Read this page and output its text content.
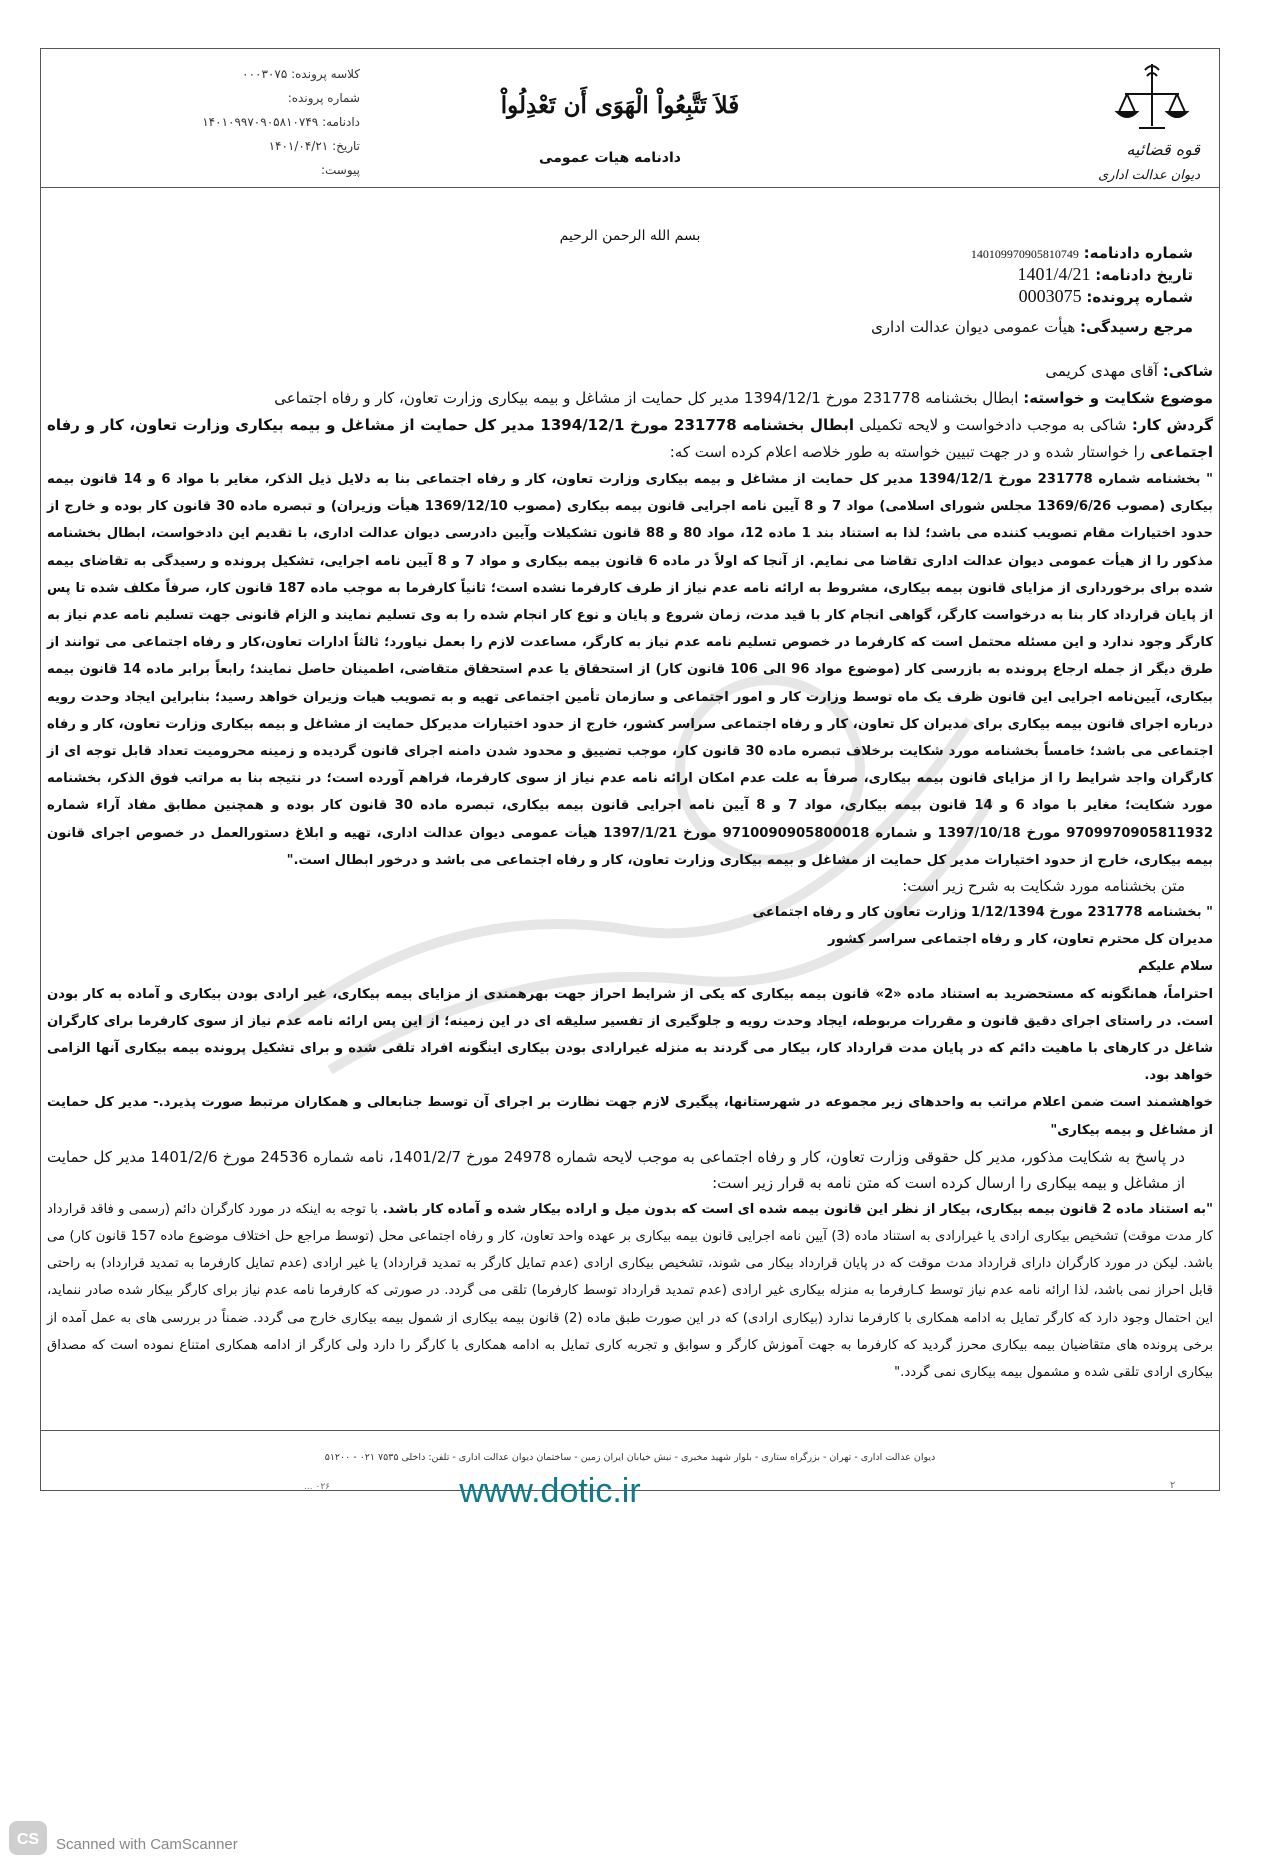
کلاسه پرونده: ۰۰۰۳۰۷۵
شماره پرونده:
دادنامه: ۱۴۰۱۰۹۹۷۰۹۰۵۸۱۰۷۴۹
تاریخ: ۱۴۰۱/۰۴/۲۱
پیوست:
فَلاَ تَتَّبِعُواْ الْهَوَى أَن تَعْدِلُواْ
دادنامه هیات عمومی	قوه قضائیه
دیوان عدالت اداری
بسم الله الرحمن الرحیم
شماره دادنامه: 140109970905810749
تاریخ دادنامه: 1401/4/21
شماره پرونده: 0003075
مرجع رسیدگی: هیأت عمومی دیوان عدالت اداری

شاکی: آقای مهدی کریمی

موضوع شکایت و خواسته: ابطال بخشنامه 231778 مورخ 1394/12/1 مدیر کل حمایت از مشاغل و بیمه بیکاری وزارت تعاون، کار و رفاه اجتماعی

گردش کار: شاکی به موجب دادخواست و لایحه تکمیلی ابطال بخشنامه 231778 مورخ 1394/12/1 مدیر کل حمایت از مشاغل و بیمه بیکاری وزارت تعاون، کار و رفاه اجتماعی را خواستار شده و در جهت تبیین خواسته به طور خلاصه اعلام کرده است که:

" بخشنامه شماره 231778 مورخ 1394/12/1 مدیر کل حمایت از مشاغل و بیمه بیکاری وزارت تعاون، کار و رفاه اجتماعی بنا به دلایل ذیل الذکر، مغایر با مواد 6 و 14 قانون بیمه بیکاری (مصوب 1369/6/26 مجلس شورای اسلامی) مواد 7 و 8 آیین نامه اجرایی قانون بیمه بیکاری (مصوب 1369/12/10 هیأت وزیران) و تبصره ماده 30 قانون کار بوده و خارج از حدود اختیارات مقام تصویب کننده می باشد؛ لذا به استناد بند 1 ماده 12، مواد 80 و 88 قانون تشکیلات وآیین دادرسی دیوان عدالت اداری، با تقدیم این دادخواست، ابطال بخشنامه مذکور را از هیأت عمومی دیوان عدالت اداری تقاضا می نمایم. از آنجا که اولاً در ماده 6 قانون بیمه بیکاری و مواد 7 و 8 آیین نامه اجرایی، تشکیل پرونده و رسیدگی به تقاضای بیمه شده برای برخورداری از مزایای قانون بیمه بیکاری، مشروط به ارائه نامه عدم نیاز از طرف کارفرما نشده است؛ ثانیاً کارفرما به موجب ماده 187 قانون کار، صرفاً مکلف شده تا پس از پایان قرارداد کار بنا به درخواست کارگر، گواهی انجام کار با قید مدت، زمان شروع و پایان و نوع کار انجام شده را به وی تسلیم نمایند و الزام قانونی جهت تسلیم نامه عدم نیاز به کارگر وجود ندارد و این مسئله محتمل است که کارفرما در خصوص تسلیم نامه عدم نیاز به کارگر، مساعدت لازم را بعمل نیاورد؛ ثالثاً ادارات تعاون،کار و رفاه اجتماعی می توانند از طرق دیگر از جمله ارجاع پرونده به بازرسی کار (موضوع مواد 96 الی 106 قانون کار) از استحقاق یا عدم استحقاق متقاضی، اطمینان حاصل نمایند؛ رابعاً برابر ماده 14 قانون بیمه بیکاری، آیین‌نامه اجرایی این قانون ظرف یک ماه توسط وزارت کار و امور اجتماعی و سازمان تأمین اجتماعی تهیه و به تصویب هیات وزیران خواهد رسید؛ بنابراین ایجاد وحدت رویه درباره اجرای قانون بیمه بیکاری برای مدیران کل تعاون، کار و رفاه اجتماعی سراسر کشور، خارج از حدود اختیارات مدیرکل حمایت از مشاغل و بیمه بیکاری وزارت تعاون، کار و رفاه اجتماعی می باشد؛ خامساً بخشنامه مورد شکایت برخلاف تبصره ماده 30 قانون کار، موجب تضییق و محدود شدن دامنه اجرای قانون گردیده و زمینه محرومیت تعداد قابل توجه ای از کارگران واجد شرایط را از مزایای قانون بیمه بیکاری، صرفاً به علت عدم امکان ارائه نامه عدم نیاز از سوی کارفرما، فراهم آورده است؛ در نتیجه بنا به مراتب فوق الذکر، بخشنامه مورد شکایت؛ مغایر با مواد 6 و 14 قانون بیمه بیکاری، مواد 7 و 8 آیین نامه اجرایی قانون بیمه بیکاری، تبصره ماده 30 قانون کار بوده و همچنین مطابق مفاد آراء شماره 9709970905811932 مورخ 1397/10/18 و شماره 9710090905800018 مورخ 1397/1/21 هیأت عمومی دیوان عدالت اداری، تهیه و ابلاغ دستورالعمل در خصوص اجرای قانون بیمه بیکاری، خارج از حدود اختیارات مدیر کل حمایت از مشاغل و بیمه بیکاری وزارت تعاون، کار و رفاه اجتماعی می باشد و درخور ابطال است."

متن بخشنامه مورد شکایت به شرح زیر است:

" بخشنامه 231778 مورخ 1/12/1394 وزارت تعاون کار و رفاه اجتماعی

مدیران کل محترم تعاون، کار و رفاه اجتماعی سراسر کشور

سلام علیکم

احتراماً، همانگونه که مستحضرید به استناد ماده «2» قانون بیمه بیکاری که یکی از شرایط احراز جهت بهرهمندی از مزایای بیمه بیکاری، غیر ارادی بودن بیکاری و آماده به کار بودن است. در راستای اجرای دقیق قانون و مقررات مربوطه، ایجاد وحدت رویه و جلوگیری از تفسیر سلیقه ای در این زمینه؛ از این پس ارائه نامه عدم نیاز از سوی کارفرما برای کارگران شاغل در کارهای با ماهیت دائم که در پایان مدت قرارداد کار، بیکار می گردند به منزله غیرارادی بودن بیکاری اینگونه افراد تلقی شده و برای تشکیل پرونده بیمه بیکاری آنها الزامی خواهد بود.

خواهشمند است ضمن اعلام مراتب به واحدهای زیر مجموعه در شهرستانها، پیگیری لازم جهت نظارت بر اجرای آن توسط جنابعالی و همکاران مرتبط صورت پذیرد.- مدیر کل حمایت از مشاغل و بیمه بیکاری"

در پاسخ به شکایت مذکور، مدیر کل حقوقی وزارت تعاون، کار و رفاه اجتماعی به موجب لایحه شماره 24978 مورخ 1401/2/7، نامه شماره 24536 مورخ 1401/2/6 مدیر کل حمایت از مشاغل و بیمه بیکاری را ارسال کرده است که متن نامه به قرار زیر است:

"به استناد ماده 2 قانون بیمه بیکاری، بیکار از نظر این قانون بیمه شده ای است که بدون میل و اراده بیکار شده و آماده کار باشد. با توجه به اینکه در مورد کارگران دائم (رسمی و فاقد قرارداد کار مدت موقت) تشخیص بیکاری ارادی یا غیرارادی به استناد ماده (3) آیین نامه اجرایی قانون بیمه بیکاری بر عهده واحد تعاون، کار و رفاه اجتماعی محل (توسط مراجع حل اختلاف موضوع ماده 157 قانون کار) می باشد. لیکن در مورد کارگران دارای قرارداد مدت موقت که در پایان قرارداد بیکار می شوند، تشخیص بیکاری ارادی (عدم تمایل کارگر به تمدید قرارداد) یا غیر ارادی (عدم تمایل کارفرما به تمدید قرارداد) به راحتی قابل احراز نمی باشد، لذا ارائه نامه عدم نیاز توسط کـارفرما به منزله بیکاری غیر ارادی (عدم تمدید قرارداد توسط کارفرما) تلقی می گردد. در صورتی که کارفرما نامه عدم نیاز برای کارگر بیکار شده صادر ننماید، این احتمال وجود دارد که کارگر تمایل به ادامه همکاری با کارفرما ندارد (بیکاری ارادی) که در این صورت طبق ماده (2) قانون بیمه بیکاری از شمول بیمه بیکاری خارج می گردد. ضمناً در بررسی های به عمل آمده از برخی پرونده های متقاضیان بیمه بیکاری محرز گردید که کارفرما به جهت آموزش کارگر و سوابق و تجربه کاری تمایل به ادامه همکاری با کارگر را دارد ولی کارگر از ادامه همکاری امتناع نموده است که مصداق بیکاری ارادی تلقی شده و مشمول بیمه بیکاری نمی گردد."

دیوان عدالت اداری - تهران - بزرگراه ستاری - بلوار شهید مخبری - نبش خیابان ایران زمین - ساختمان دیوان عدالت اداری - تلفن: داخلی ۷۵۳۵ ۰۲۱ - ۵۱۲۰۰
۰۲۶ ...	۲
www.dotic.ir
CS Scanned with CamScanner
